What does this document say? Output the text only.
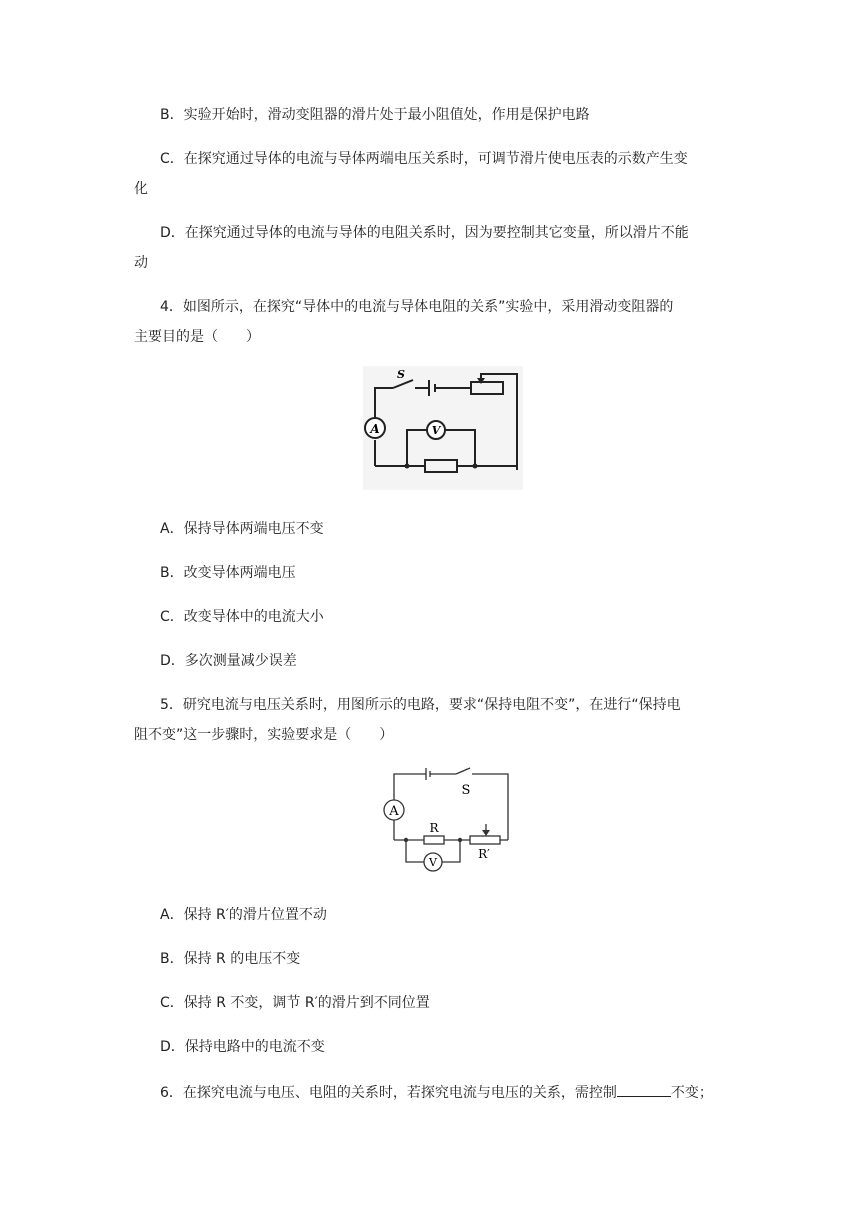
B．实验开始时，滑动变阻器的滑片处于最小阻值处，作用是保护电路
C．在探究通过导体的电流与导体两端电压关系时，可调节滑片使电压表的示数产生变
化
D．在探究通过导体的电流与导体的电阻关系时，因为要控制其它变量，所以滑片不能
动
4．如图所示，在探究“导体中的电流与导体电阻的关系”实验中，采用滑动变阻器的
主要目的是（　　）
A	V
S
A．保持导体两端电压不变
B．改变导体两端电压
C．改变导体中的电流大小
D．多次测量减少误差
5．研究电流与电压关系时，用图所示的电路，要求“保持电阻不变”，在进行“保持电
阻不变”这一步骤时，实验要求是（　　）
A
V
S
R
R′
A．保持 R′的滑片位置不动
B．保持 R 的电压不变
C．保持 R 不变，调节 R′的滑片到不同位置
D．保持电路中的电流不变
6．在探究电流与电压、电阻的关系时，若探究电流与电压的关系，需控制	不变；
